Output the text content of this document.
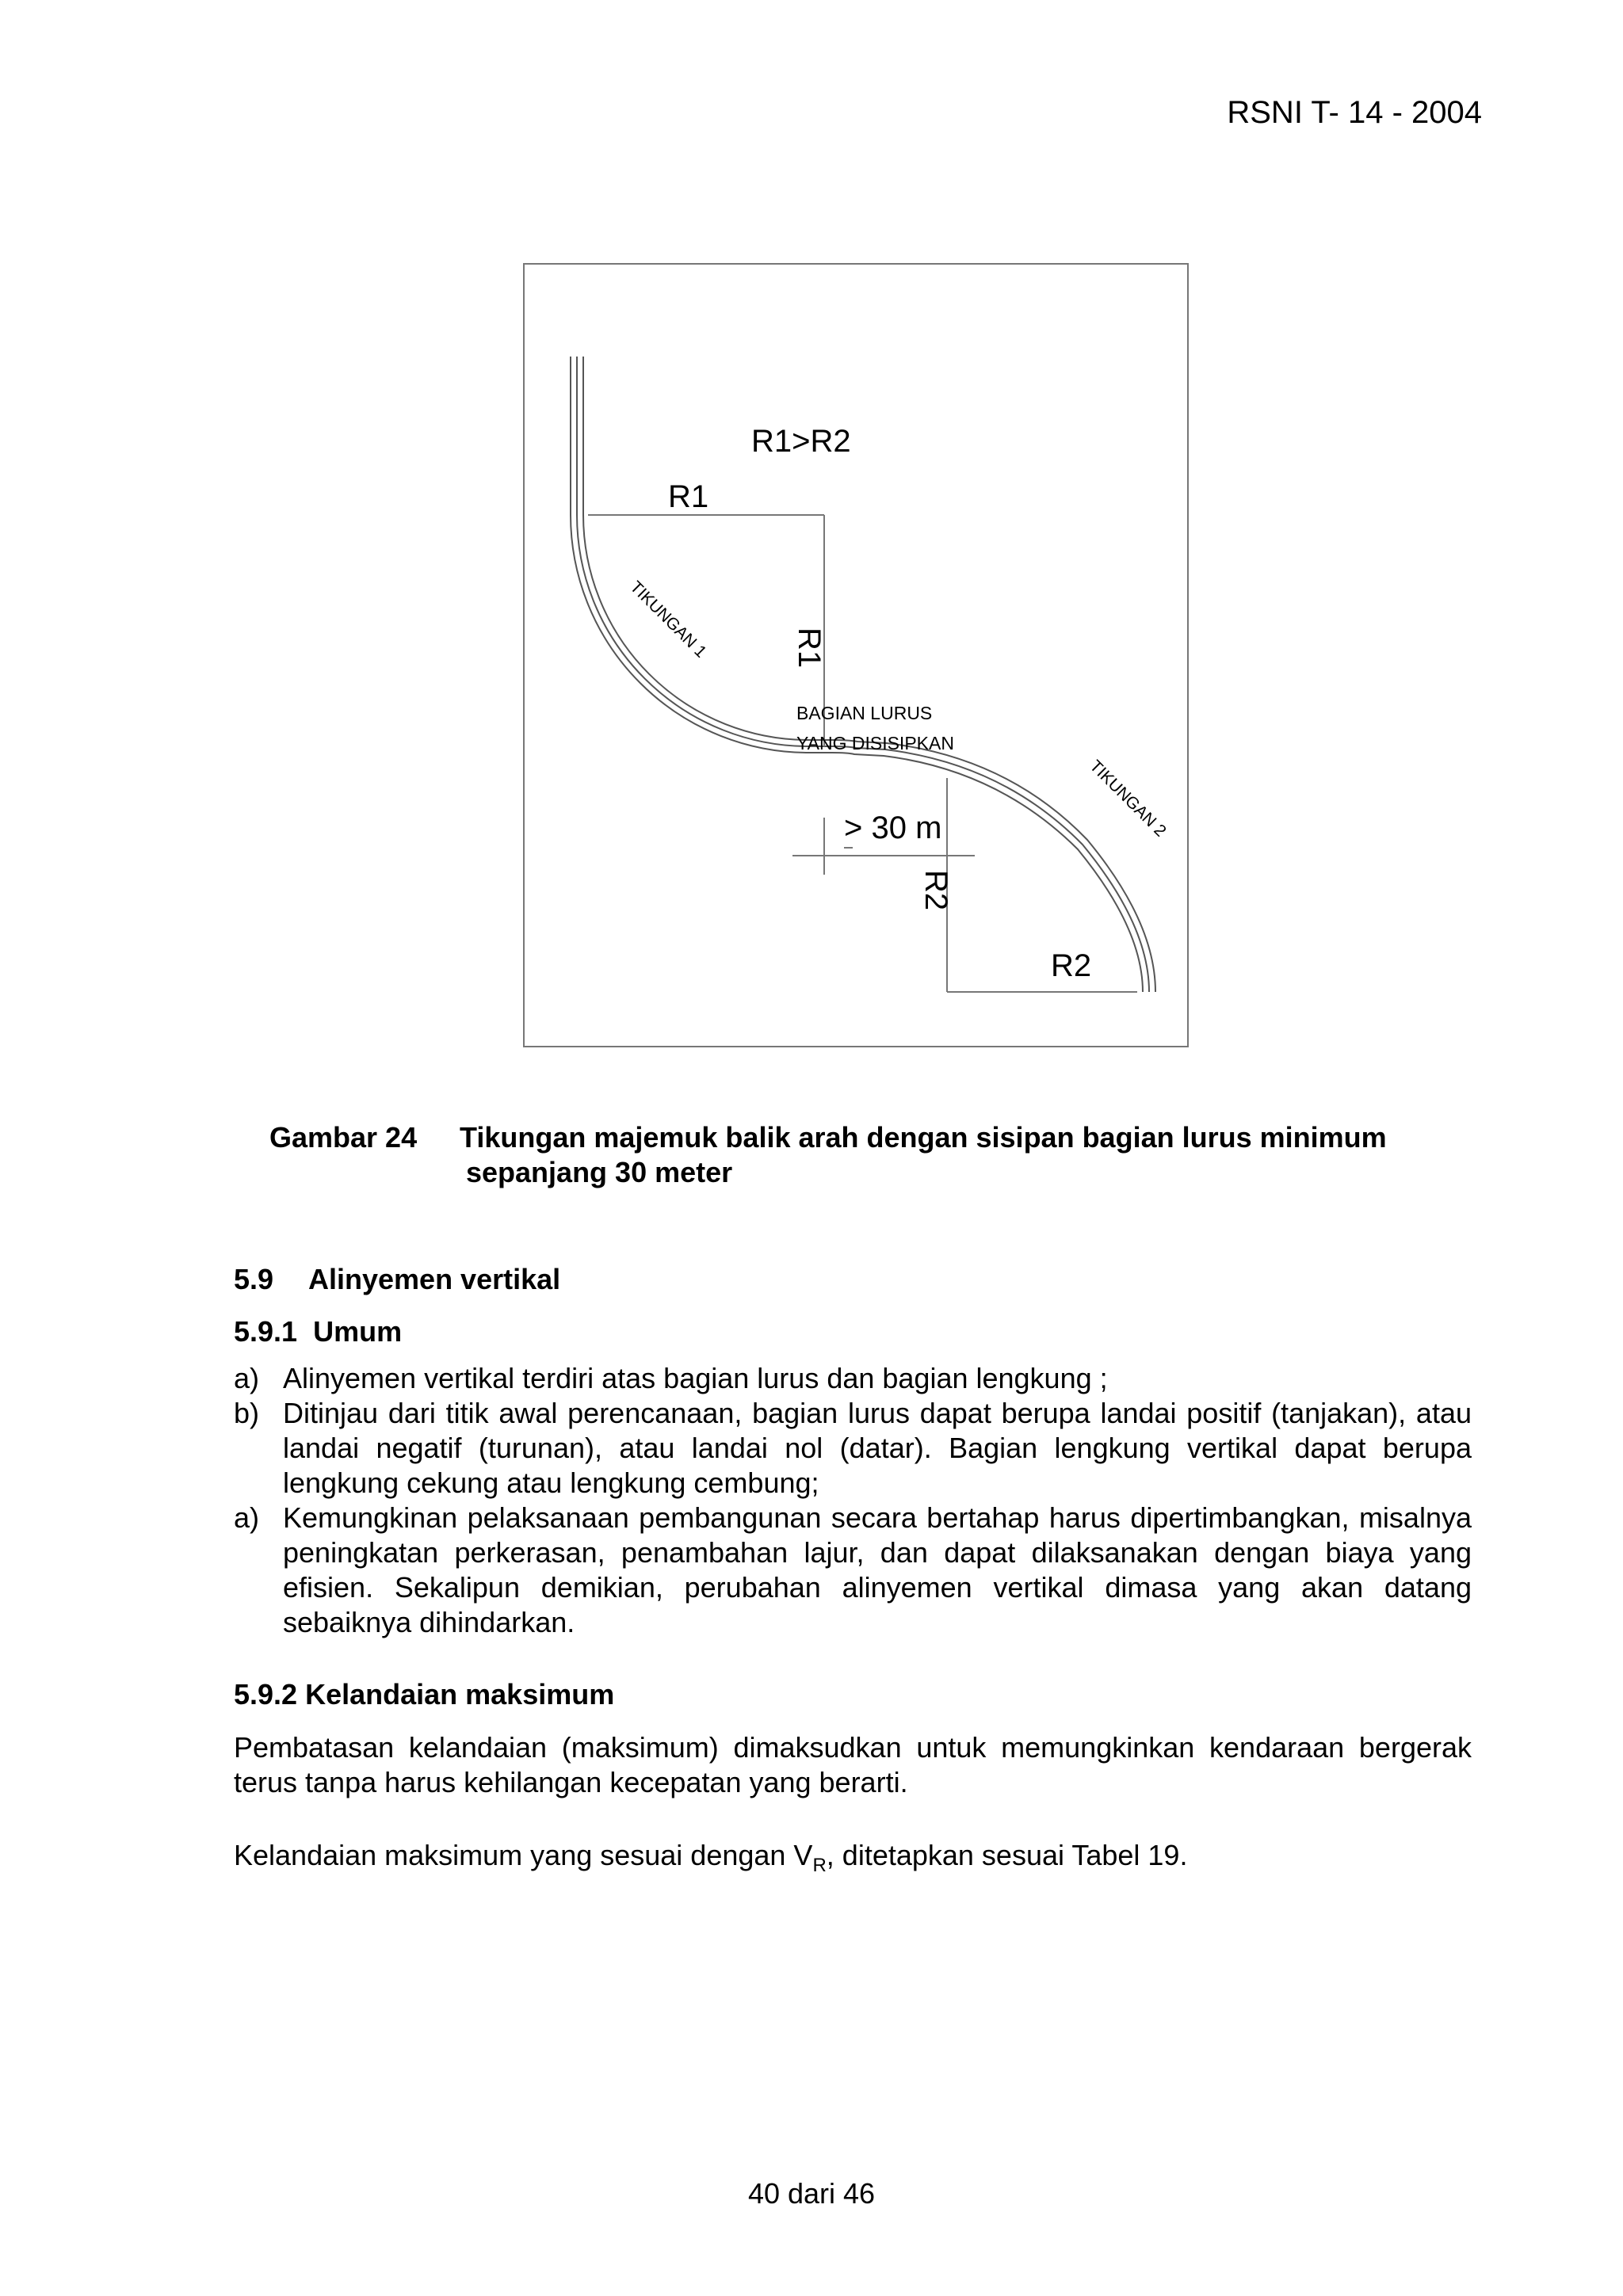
RSNI T- 14 - 2004
R1>R2
R1
R1
TIKUNGAN 1
BAGIAN LURUS
YANG DISISIPKAN
> 30 m	TIKUNGAN 2
R2
R2
Gambar 24 Tikungan majemuk balik arah dengan sisipan bagian lurus minimum
sepanjang 30 meter
5.9 Alinyemen vertikal
5.9.1 Umum
a) Alinyemen vertikal terdiri atas bagian lurus dan bagian lengkung ;
b) Ditinjau dari titik awal perencanaan, bagian lurus dapat berupa landai positif (tanjakan), atau landai negatif (turunan), atau landai nol (datar). Bagian lengkung vertikal dapat berupa lengkung cekung atau lengkung cembung;
a) Kemungkinan pelaksanaan pembangunan secara bertahap harus dipertimbangkan, misalnya peningkatan perkerasan, penambahan lajur, dan dapat dilaksanakan dengan biaya yang efisien. Sekalipun demikian, perubahan alinyemen vertikal dimasa yang akan datang sebaiknya dihindarkan.
5.9.2 Kelandaian maksimum

Pembatasan kelandaian (maksimum) dimaksudkan untuk memungkinkan kendaraan bergerak terus tanpa harus kehilangan kecepatan yang berarti.

Kelandaian maksimum yang sesuai dengan $V_R$, ditetapkan sesuai Tabel 19.

40 dari 46
